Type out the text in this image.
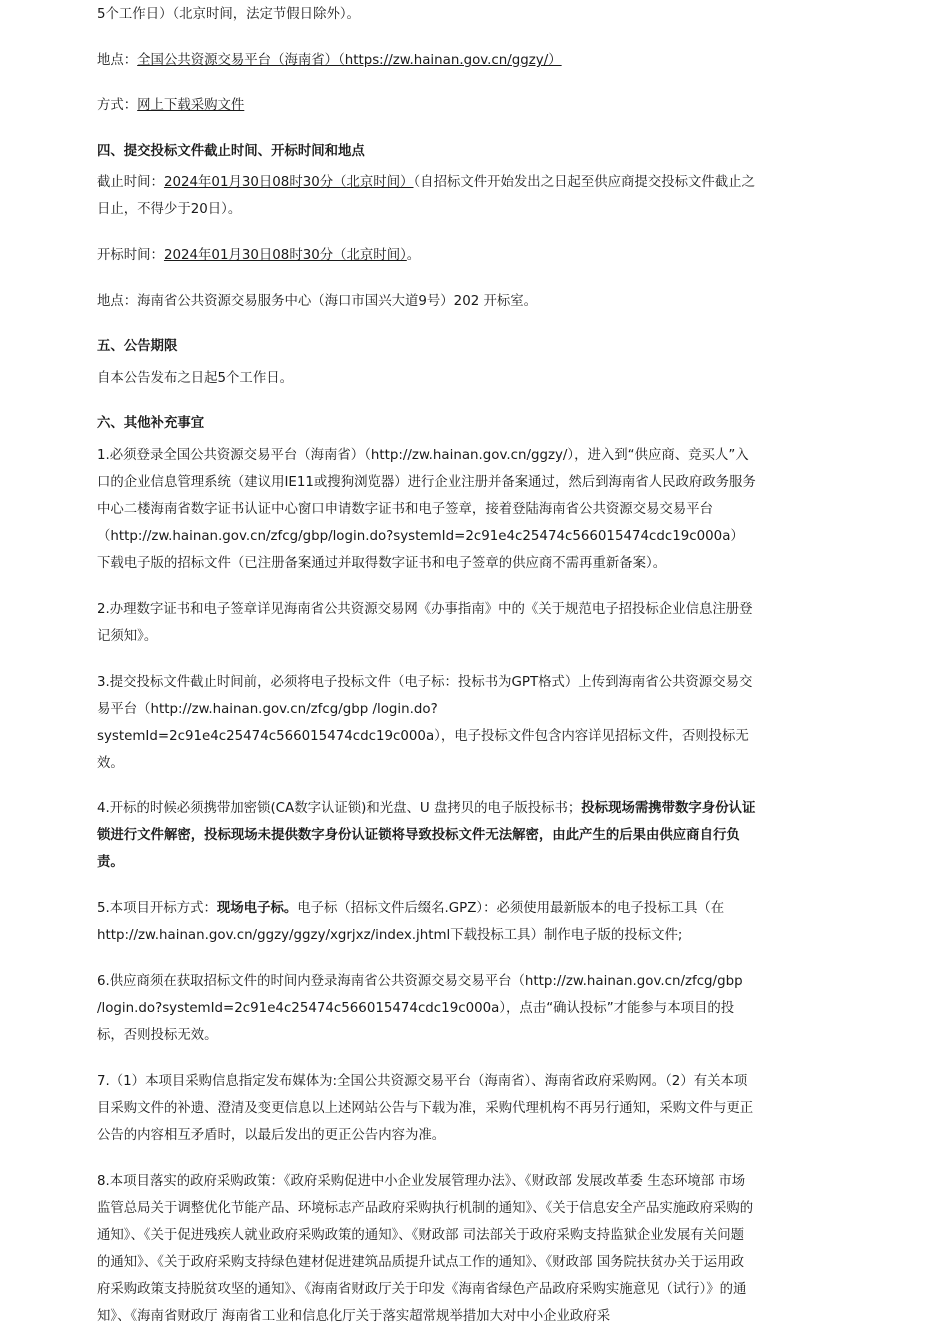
5个工作日）（北京时间，法定节假日除外）。

地点：全国公共资源交易平台（海南省）（https://zw.hainan.gov.cn/ggzy/）

方式：网上下载采购文件

四、提交投标文件截止时间、开标时间和地点

截止时间：2024年01月30日08时30分（北京时间）（自招标文件开始发出之日起至供应商提交投标文件截止之日止，不得少于20日）。

开标时间：2024年01月30日08时30分（北京时间）。

地点：海南省公共资源交易服务中心（海口市国兴大道9号）202 开标室。

五、公告期限

自本公告发布之日起5个工作日。

六、其他补充事宜

1.必须登录全国公共资源交易平台（海南省）（http://zw.hainan.gov.cn/ggzy/），进入到“供应商、竞买人”入口的企业信息管理系统（建议用IE11或搜狗浏览器）进行企业注册并备案通过，然后到海南省人民政府政务服务中心二楼海南省数字证书认证中心窗口申请数字证书和电子签章，接着登陆海南省公共资源交易交易平台（http://zw.hainan.gov.cn/zfcg/gbp/login.do?systemId=2c91e4c25474c566015474cdc19c000a）下载电子版的招标文件（已注册备案通过并取得数字证书和电子签章的供应商不需再重新备案）。

2.办理数字证书和电子签章详见海南省公共资源交易网《办事指南》中的《关于规范电子招投标企业信息注册登记须知》。

3.提交投标文件截止时间前，必须将电子投标文件（电子标：投标书为GPT格式）上传到海南省公共资源交易交易平台（http://zw.hainan.gov.cn/zfcg/gbp /login.do?systemId=2c91e4c25474c566015474cdc19c000a），电子投标文件包含内容详见招标文件，否则投标无效。

4.开标的时候必须携带加密锁(CA数字认证锁)和光盘、U 盘拷贝的电子版投标书；投标现场需携带数字身份认证锁进行文件解密，投标现场未提供数字身份认证锁将导致投标文件无法解密，由此产生的后果由供应商自行负责。

5.本项目开标方式：现场电子标。电子标（招标文件后缀名.GPZ）：必须使用最新版本的电子投标工具（在http://zw.hainan.gov.cn/ggzy/ggzy/xgrjxz/index.jhtml下载投标工具）制作电子版的投标文件;

6.供应商须在获取招标文件的时间内登录海南省公共资源交易交易平台（http://zw.hainan.gov.cn/zfcg/gbp /login.do?systemId=2c91e4c25474c566015474cdc19c000a），点击“确认投标”才能参与本项目的投标，否则投标无效。

7.（1）本项目采购信息指定发布媒体为:全国公共资源交易平台（海南省）、海南省政府采购网。（2）有关本项目采购文件的补遗、澄清及变更信息以上述网站公告与下载为准，采购代理机构不再另行通知，采购文件与更正公告的内容相互矛盾时，以最后发出的更正公告内容为准。

8.本项目落实的政府采购政策：《政府采购促进中小企业发展管理办法》、《财政部 发展改革委 生态环境部 市场监管总局关于调整优化节能产品、环境标志产品政府采购执行机制的通知》、《关于信息安全产品实施政府采购的通知》、《关于促进残疾人就业政府采购政策的通知》、《财政部 司法部关于政府采购支持监狱企业发展有关问题的通知》、《关于政府采购支持绿色建材促进建筑品质提升试点工作的通知》、《财政部 国务院扶贫办关于运用政府采购政策支持脱贫攻坚的通知》、《海南省财政厅关于印发《海南省绿色产品政府采购实施意见（试行）》的通知》、《海南省财政厅 海南省工业和信息化厅关于落实超常规举措加大对中小企业政府采
